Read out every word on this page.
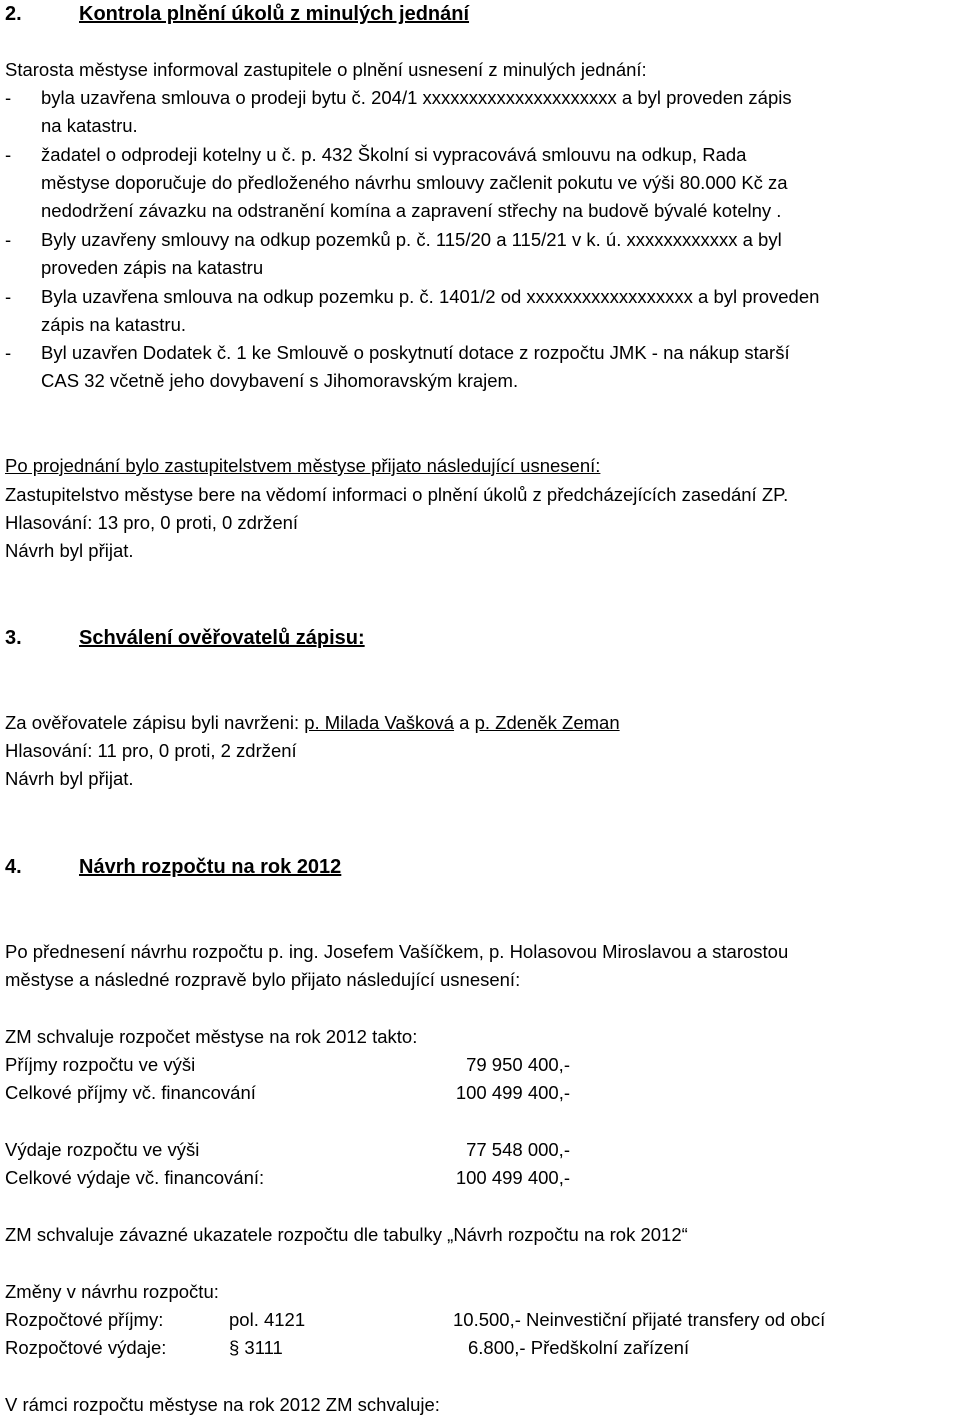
2.	Kontrola plnění úkolů z minulých jednání
Starosta městyse informoval zastupitele o plnění usnesení z minulých jednání:
- byla uzavřena smlouva o prodeji bytu č. 204/1 xxxxxxxxxxxxxxxxxxxxx a byl proveden zápis
na katastru.
- žadatel o odprodeji kotelny u č. p. 432 Školní si vypracovává smlouvu na odkup, Rada
městyse doporučuje do předloženého návrhu smlouvy začlenit pokutu ve výši 80.000 Kč za
nedodržení závazku na odstranění komína a zapravení střechy na budově bývalé kotelny .
- Byly uzavřeny smlouvy na odkup pozemků p. č. 115/20 a 115/21 v k. ú. xxxxxxxxxxxx a byl
proveden zápis na katastru
- Byla uzavřena smlouva na odkup pozemku p. č. 1401/2 od xxxxxxxxxxxxxxxxxx a byl proveden
zápis na katastru.
- Byl uzavřen Dodatek č. 1 ke Smlouvě o poskytnutí dotace z rozpočtu JMK - na nákup starší
CAS 32 včetně jeho dovybavení s Jihomoravským krajem.
Po projednání bylo zastupitelstvem městyse přijato následující usnesení:
Zastupitelstvo městyse bere na vědomí informaci o plnění úkolů z předcházejících zasedání ZP.
Hlasování: 13 pro, 0 proti, 0 zdržení
Návrh byl přijat.
3.	Schválení ověřovatelů zápisu:
Za ověřovatele zápisu byli navrženi: p. Milada Vašková a p. Zdeněk Zeman
Hlasování: 11 pro, 0 proti, 2 zdržení
Návrh byl přijat.
4.	Návrh rozpočtu na rok 2012
Po přednesení návrhu rozpočtu p. ing. Josefem Vašíčkem, p. Holasovou Miroslavou a starostou
městyse a následné rozpravě bylo přijato následující usnesení:
ZM schvaluje rozpočet městyse na rok 2012 takto:
Příjmy rozpočtu ve výši	79 950 400,-
Celkové příjmy vč. financování	100 499 400,-
Výdaje rozpočtu ve výši	77 548 000,-
Celkové výdaje vč. financování:	100 499 400,-
ZM schvaluje závazné ukazatele rozpočtu dle tabulky „Návrh rozpočtu na rok 2012“
Změny v návrhu rozpočtu:
Rozpočtové příjmy:	pol. 4121	10.500,- Neinvestiční přijaté transfery od obcí
Rozpočtové výdaje:	§ 3111	6.800,- Předškolní zařízení
V rámci rozpočtu městyse na rok 2012 ZM schvaluje:
